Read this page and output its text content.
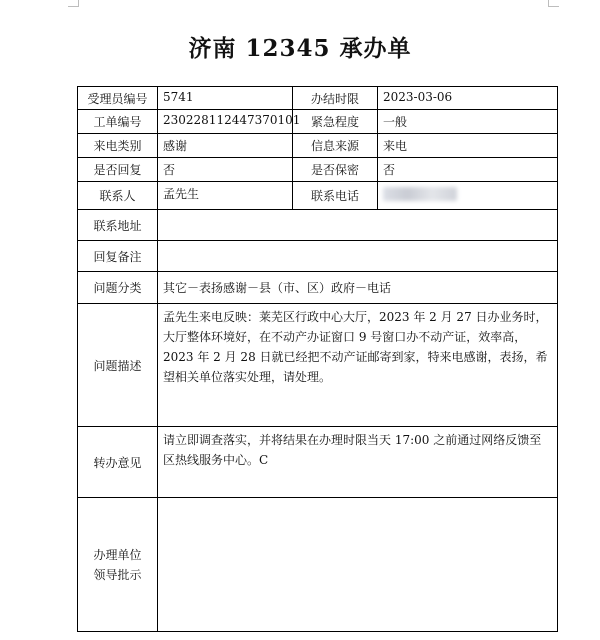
济南 12345 承办单
受理员编号	5741	办结时限	2023-03-06
工单编号	230228112447370101	紧急程度	一般
来电类别	感谢	信息来源	来电
是否回复	否	是否保密	否
联系人	孟先生	联系电话	
联系地址			
回复备注			
问题分类	其它－表扬感谢－县（市、区）政府－电话		
问题描述	孟先生来电反映：莱芜区行政中心大厅，2023 年 2 月 27 日办业务时，大厅整体环境好，在不动产办证窗口 9 号窗口办不动产证，效率高，2023 年 2 月 28 日就已经把不动产证邮寄到家，特来电感谢，表扬，希望相关单位落实处理，请处理。		
转办意见	请立即调查落实，并将结果在办理时限当天 17:00 之前通过网络反馈至区热线服务中心。C		

办理单位
领导批示			
